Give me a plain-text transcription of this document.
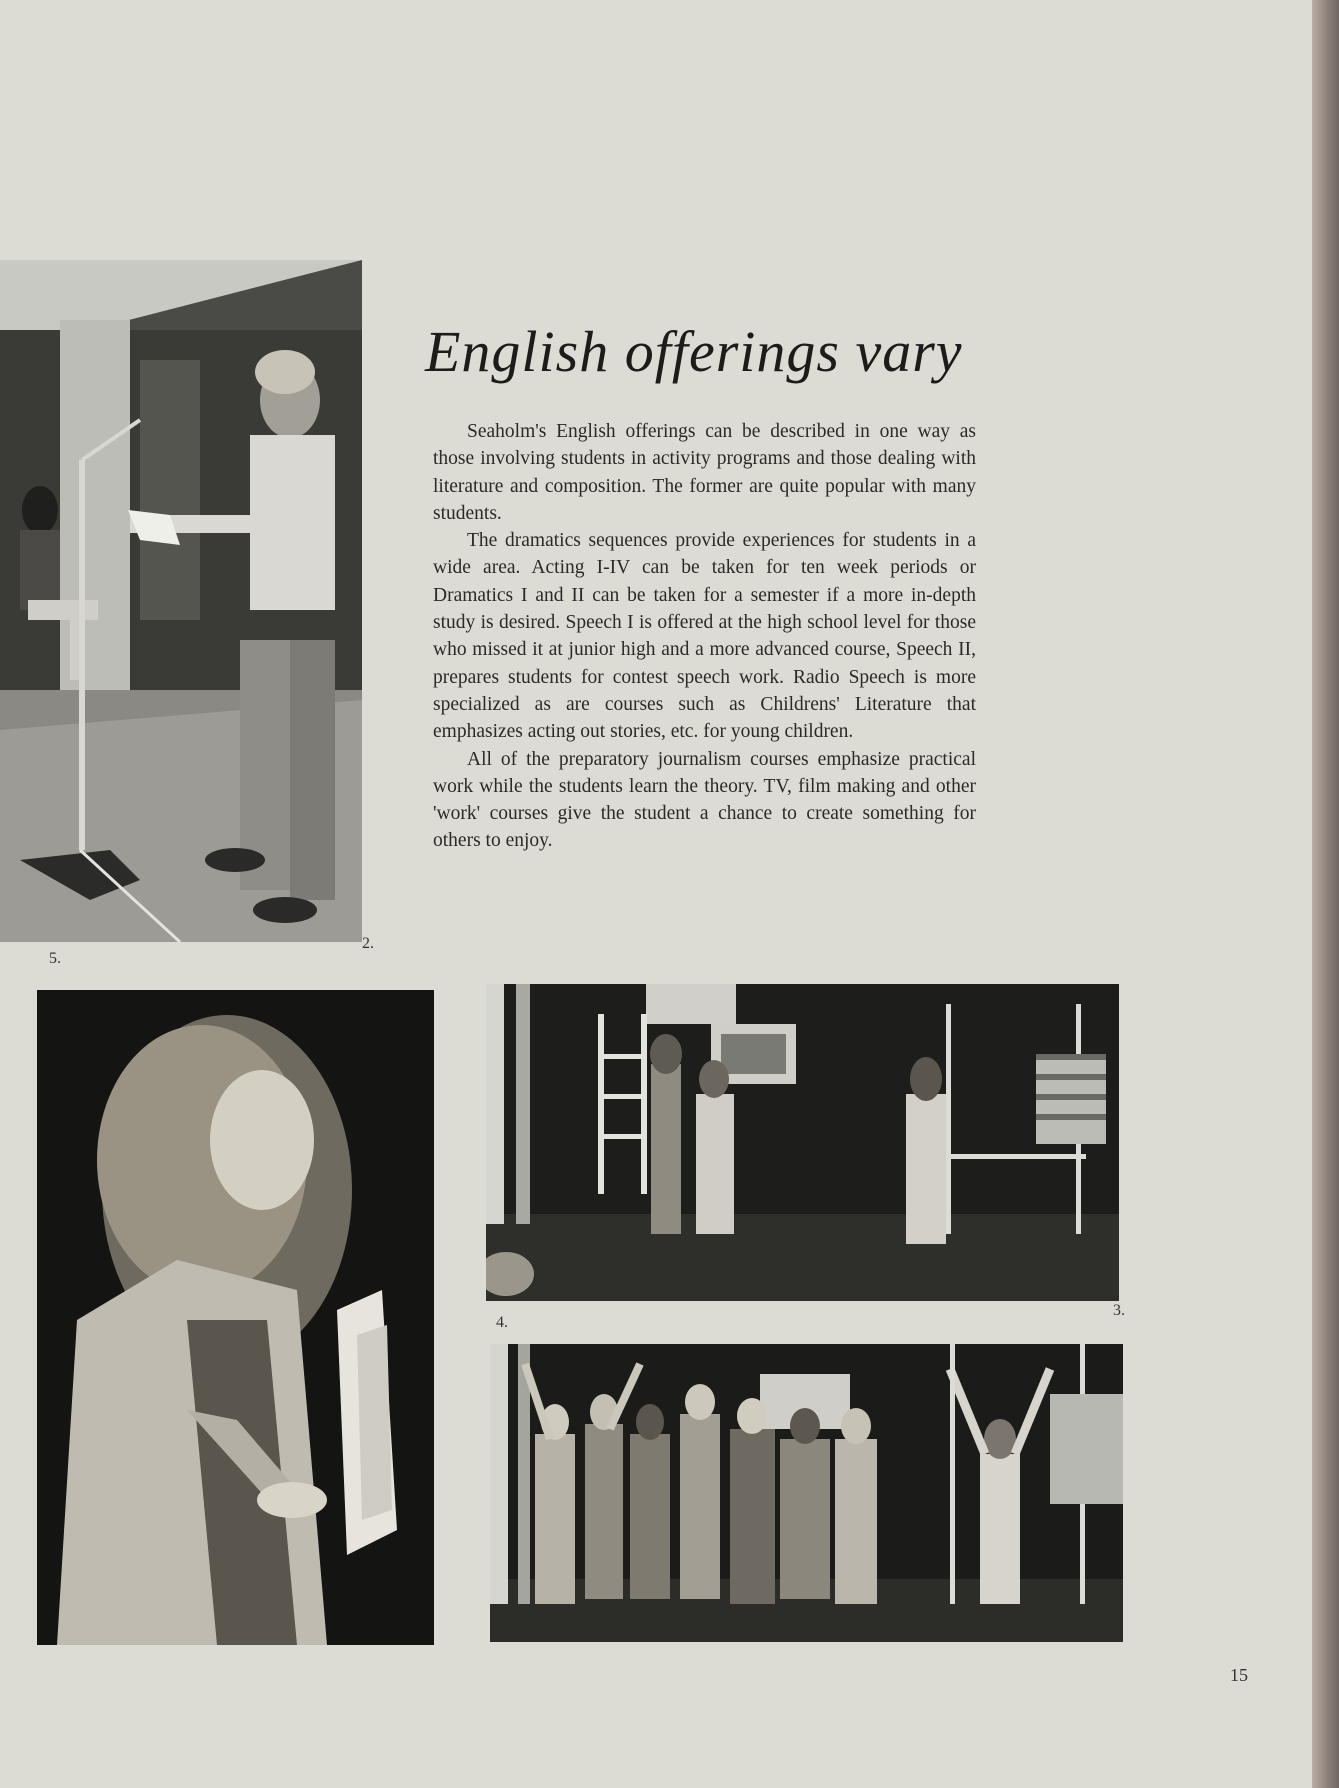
English offerings vary

Seaholm's English offerings can be described in one way as those involving students in activity programs and those dealing with literature and composition. The former are quite popular with many students.

The dramatics sequences provide experiences for students in a wide area. Acting I-IV can be taken for ten week periods or Dramatics I and II can be taken for a semester if a more in-depth study is desired. Speech I is offered at the high school level for those who missed it at junior high and a more advanced course, Speech II, prepares students for contest speech work. Radio Speech is more specialized as are courses such as Childrens' Literature that emphasizes acting out stories, etc. for young children.

All of the preparatory journalism courses emphasize practical work while the students learn the theory. TV, film making and other 'work' courses give the student a chance to create something for others to enjoy.

5.
2.
4.
3.
15
